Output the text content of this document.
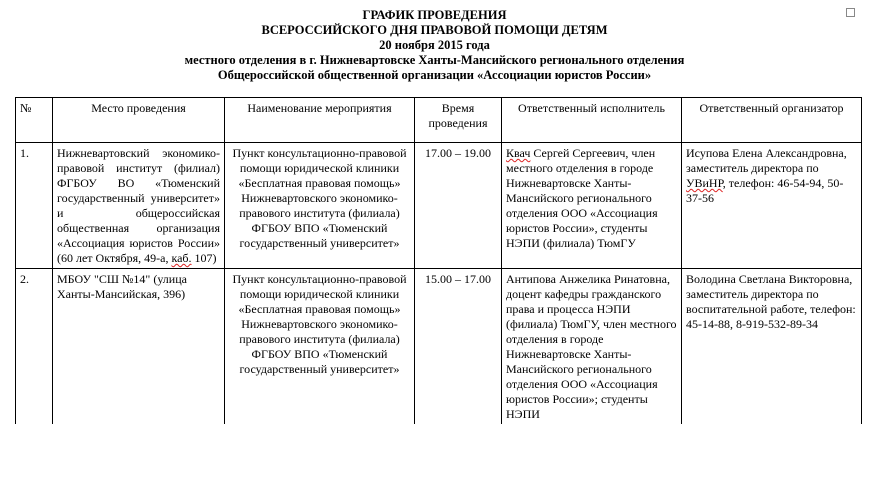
ГРАФИК ПРОВЕДЕНИЯ
ВСЕРОССИЙСКОГО ДНЯ ПРАВОВОЙ ПОМОЩИ ДЕТЯМ
20 ноября 2015 года
местного отделения в г. Нижневартовске Ханты-Мансийского регионального отделения
Общероссийской общественной организации «Ассоциации юристов России»
№	Место проведения	Наименование мероприятия	Время проведения	Ответственный исполнитель	Ответственный организатор
1.	Нижневартовский экономико-правовой институт (филиал) ФГБОУ ВО «Тюменский государственный университет» и общероссийская общественная организация «Ассоциация юристов России» (60 лет Октября, 49-а, каб. 107)	Пункт консультационно-правовой помощи юридической клиники «Бесплатная правовая помощь» Нижневартовского экономико-правового института (филиала) ФГБОУ ВПО «Тюменский государственный университет»	17.00 – 19.00	Квач Сергей Сергеевич, член местного отделения в городе Нижневартовске Ханты-Мансийского регионального отделения ООО «Ассоциация юристов России», студенты НЭПИ (филиала) ТюмГУ	Исупова Елена Александровна, заместитель директора по УВиНР, телефон: 46-54-94, 50-37-56
2.	МБОУ "СШ №14" (улица Ханты-Мансийская, 396)	Пункт консультационно-правовой помощи юридической клиники «Бесплатная правовая помощь» Нижневартовского экономико-правового института (филиала) ФГБОУ ВПО «Тюменский государственный университет»	15.00 – 17.00	Антипова Анжелика Ринатовна, доцент кафедры гражданского права и процесса НЭПИ (филиала) ТюмГУ, член местного отделения в городе Нижневартовске Ханты-Мансийского регионального отделения ООО «Ассоциация юристов России»; студенты НЭПИ	Володина Светлана Викторовна, заместитель директора по воспитательной работе, телефон: 45-14-88, 8-919-532-89-34
